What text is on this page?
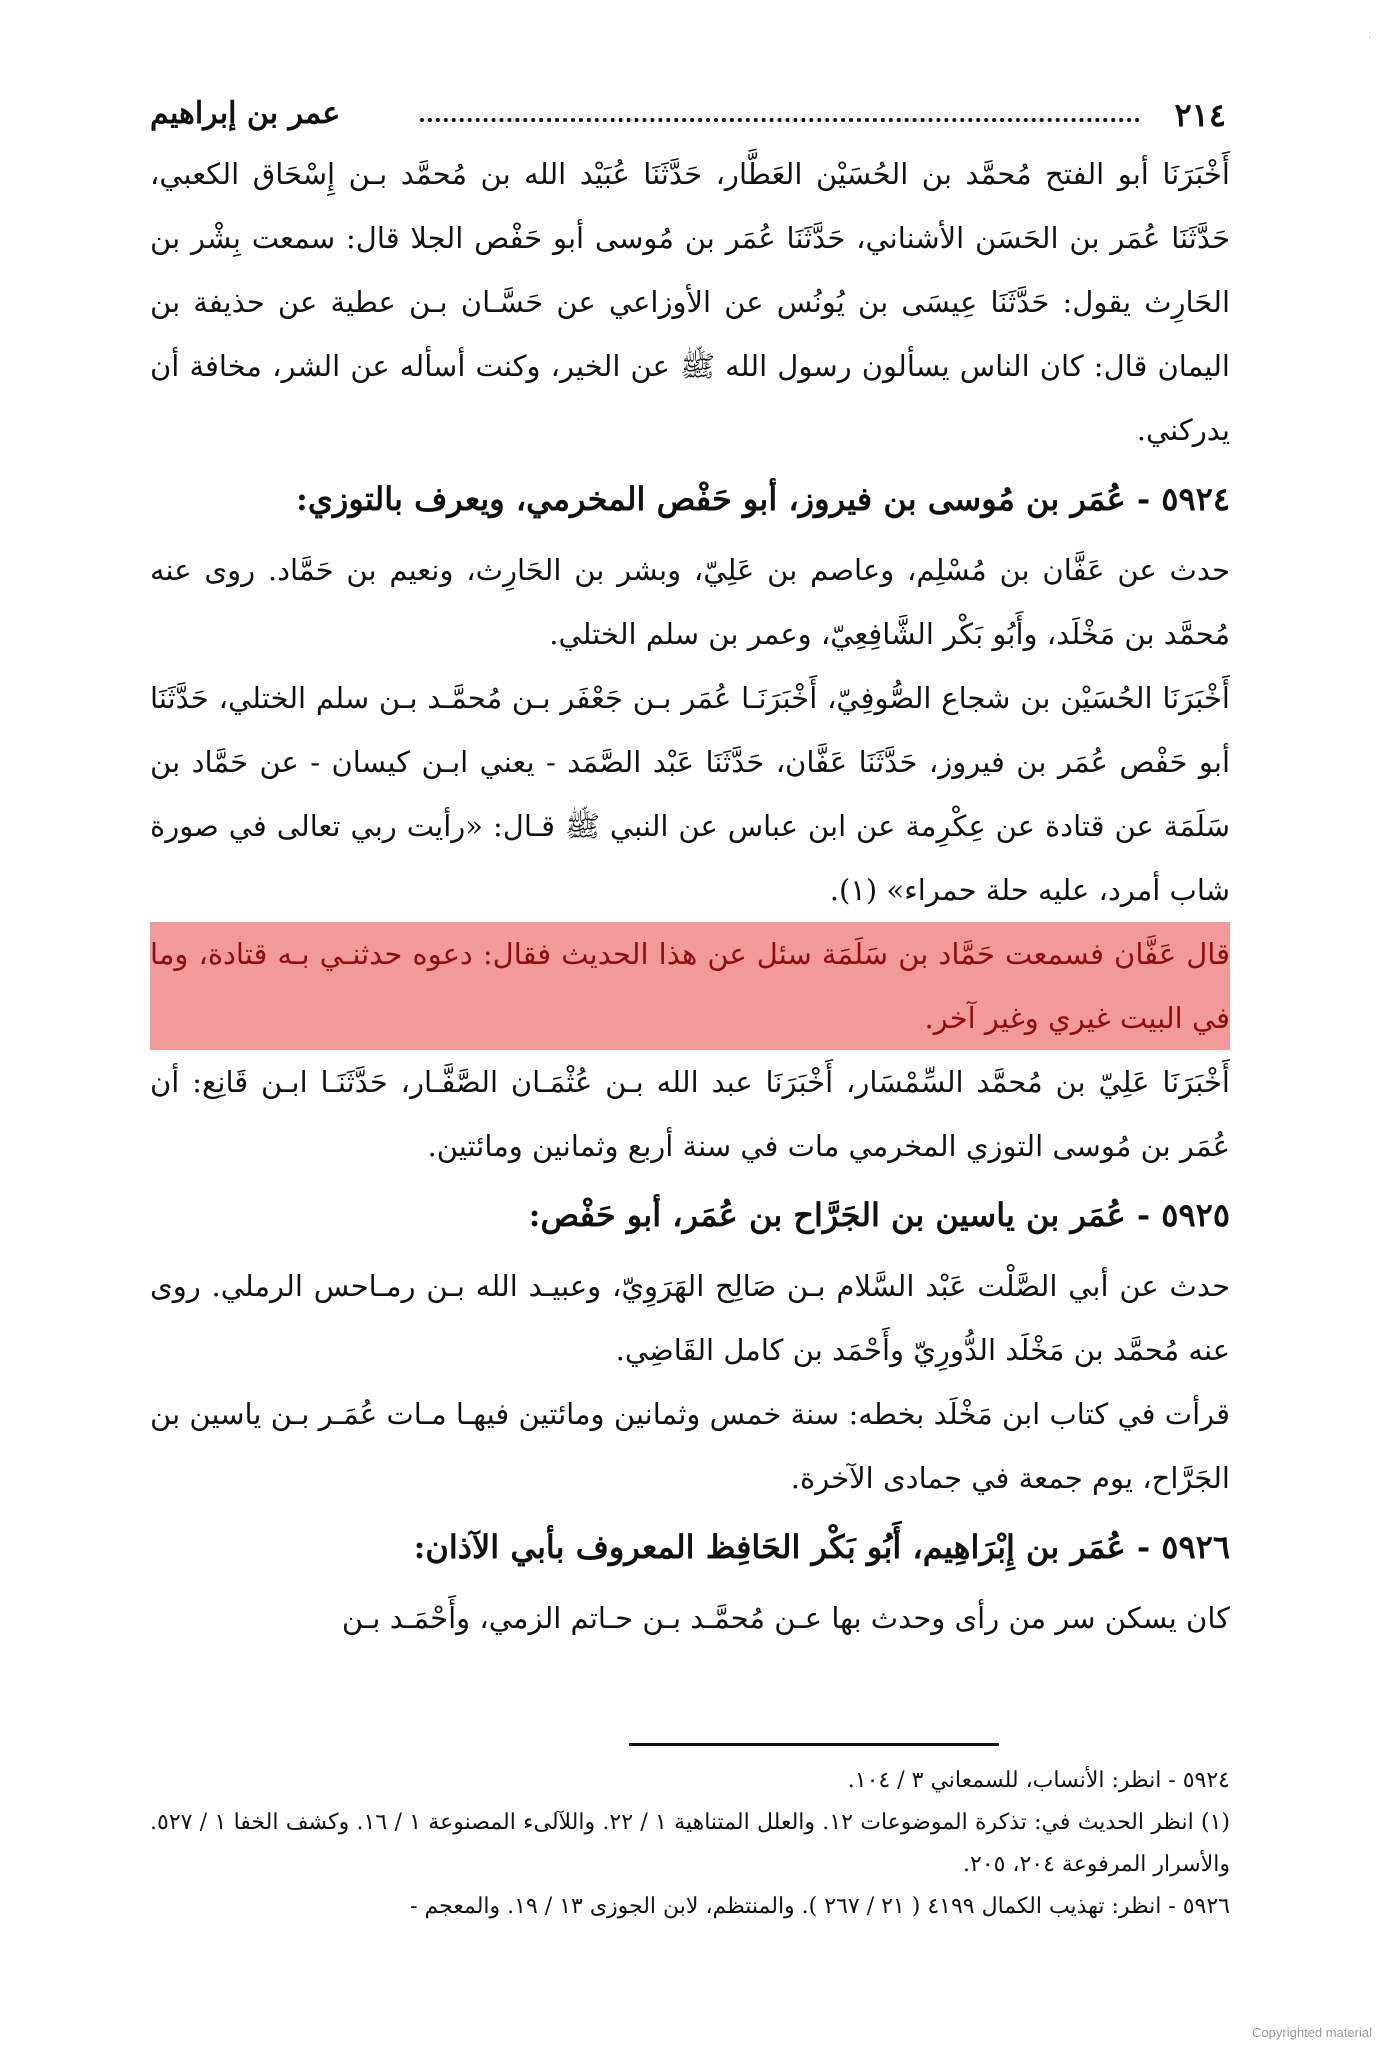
·
٢١٤
عمر بن إبراهيم

أَخْبَرَنَا أبو الفتح مُحمَّد بن الحُسَيْن العَطَّار، حَدَّثَنَا عُبَيْد الله بن مُحمَّد بـن إِسْحَاق الكعبي، حَدَّثَنَا عُمَر بن الحَسَن الأشناني، حَدَّثَنَا عُمَر بن مُوسى أبو حَفْص الجلا قال: سمعت بِشْر بن الحَارِث يقول: حَدَّثَنَا عِيسَى بن يُونُس عن الأوزاعي عن حَسَّـان بـن عطية عن حذيفة بن اليمان قال: كان الناس يسألون رسول الله ﷺ عن الخير، وكنت أسأله عن الشر، مخافة أن يدركني.

٥٩٢٤ - عُمَر بن مُوسى بن فيروز، أبو حَفْص المخرمي، ويعرف بالتوزي:

حدث عن عَفَّان بن مُسْلِم، وعاصم بن عَلِيّ، وبشر بن الحَارِث، ونعيم بن حَمَّاد. روى عنه مُحمَّد بن مَخْلَد، وأَبُو بَكْر الشَّافِعِيّ، وعمر بن سلم الختلي.

أَخْبَرَنَا الحُسَيْن بن شجاع الصُّوفِيّ، أَخْبَرَنَـا عُمَر بـن جَعْفَر بـن مُحمَّـد بـن سلم الختلي، حَدَّثَنَا أبو حَفْص عُمَر بن فيروز، حَدَّثَنَا عَفَّان، حَدَّثَنَا عَبْد الصَّمَد - يعني ابـن كيسان - عن حَمَّاد بن سَلَمَة عن قتادة عن عِكْرِمة عن ابن عباس عن النبي ﷺ قـال: «رأيت ربي تعالى في صورة شاب أمرد، عليه حلة حمراء» (١).

قال عَفَّان فسمعت حَمَّاد بن سَلَمَة سئل عن هذا الحديث فقال: دعوه حدثنـي بـه قتادة، وما في البيت غيري وغير آخر.

أَخْبَرَنَا عَلِيّ بن مُحمَّد السِّمْسَار، أَخْبَرَنَا عبد الله بـن عُثْمَـان الصَّفَّـار، حَدَّثَنَـا ابـن قَانِع: أن عُمَر بن مُوسى التوزي المخرمي مات في سنة أربع وثمانين ومائتين.

٥٩٢٥ - عُمَر بن ياسين بن الجَرَّاح بن عُمَر، أبو حَفْص:

حدث عن أبي الصَّلْت عَبْد السَّلام بـن صَالِح الهَرَوِيّ، وعبيـد الله بـن رمـاحس الرملي. روى عنه مُحمَّد بن مَخْلَد الدُّورِيّ وأَحْمَد بن كامل القَاضِي.

قرأت في كتاب ابن مَخْلَد بخطه: سنة خمس وثمانين ومائتين فيهـا مـات عُمَـر بـن ياسين بن الجَرَّاح، يوم جمعة في جمادى الآخرة.

٥٩٢٦ - عُمَر بن إِبْرَاهِيم، أَبُو بَكْر الحَافِظ المعروف بأبي الآذان:

كان يسكن سر من رأى وحدث بها عـن مُحمَّـد بـن حـاتم الزمي، وأَحْمَـد بـن

٥٩٢٤ - انظر: الأنساب، للسمعاني ٣ / ١٠٤.

(١) انظر الحديث في: تذكرة الموضوعات ١٢. والعلل المتناهية ١ / ٢٢. واللآلىء المصنوعة ١ / ١٦. وكشف الخفا ١ / ٥٢٧. والأسرار المرفوعة ٢٠٤، ٢٠٥.

٥٩٢٦ - انظر: تهذيب الكمال ٤١٩٩ ( ٢١ / ٢٦٧ ). والمنتظم، لابن الجوزى ١٣ / ١٩. والمعجم -

Copyrighted material
